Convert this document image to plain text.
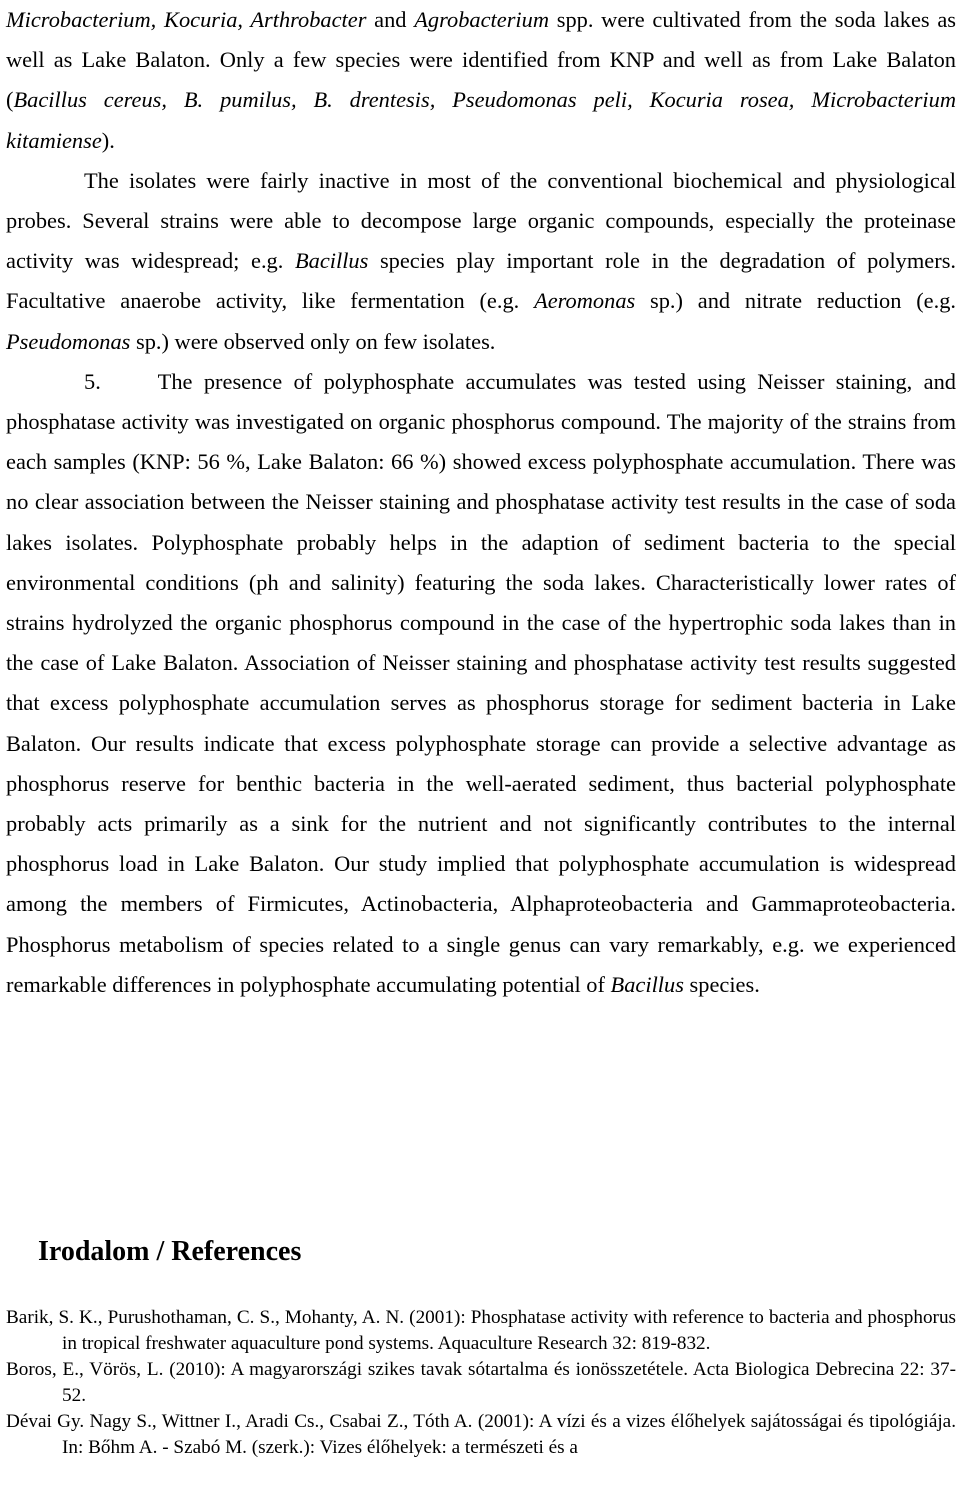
Microbacterium, Kocuria, Arthrobacter and Agrobacterium spp. were cultivated from the soda lakes as well as Lake Balaton. Only a few species were identified from KNP and well as from Lake Balaton (Bacillus cereus, B. pumilus, B. drentesis, Pseudomonas peli, Kocuria rosea, Microbacterium kitamiense).

The isolates were fairly inactive in most of the conventional biochemical and physiological probes. Several strains were able to decompose large organic compounds, especially the proteinase activity was widespread; e.g. Bacillus species play important role in the degradation of polymers. Facultative anaerobe activity, like fermentation (e.g. Aeromonas sp.) and nitrate reduction (e.g. Pseudomonas sp.) were observed only on few isolates.

5.	The presence of polyphosphate accumulates was tested using Neisser staining, and phosphatase activity was investigated on organic phosphorus compound. The majority of the strains from each samples (KNP: 56 %, Lake Balaton: 66 %) showed excess polyphosphate accumulation. There was no clear association between the Neisser staining and phosphatase activity test results in the case of soda lakes isolates. Polyphosphate probably helps in the adaption of sediment bacteria to the special environmental conditions (ph and salinity) featuring the soda lakes. Characteristically lower rates of strains hydrolyzed the organic phosphorus compound in the case of the hypertrophic soda lakes than in the case of Lake Balaton. Association of Neisser staining and phosphatase activity test results suggested that excess polyphosphate accumulation serves as phosphorus storage for sediment bacteria in Lake Balaton. Our results indicate that excess polyphosphate storage can provide a selective advantage as phosphorus reserve for benthic bacteria in the well-aerated sediment, thus bacterial polyphosphate probably acts primarily as a sink for the nutrient and not significantly contributes to the internal phosphorus load in Lake Balaton. Our study implied that polyphosphate accumulation is widespread among the members of Firmicutes, Actinobacteria, Alphaproteobacteria and Gammaproteobacteria. Phosphorus metabolism of species related to a single genus can vary remarkably, e.g. we experienced remarkable differences in polyphosphate accumulating potential of Bacillus species.

Irodalom / References

Barik, S. K., Purushothaman, C. S., Mohanty, A. N. (2001): Phosphatase activity with reference to bacteria and phosphorus in tropical freshwater aquaculture pond systems. Aquaculture Research 32: 819-832.

Boros, E., Vörös, L. (2010): A magyarországi szikes tavak sótartalma és ionösszetétele. Acta Biologica Debrecina 22: 37-52.

Dévai Gy. Nagy S., Wittner I., Aradi Cs., Csabai Z., Tóth A. (2001): A vízi és a vizes élőhelyek sajátosságai és tipológiája. In: Bőhm A. - Szabó M. (szerk.): Vizes élőhelyek: a természeti és a
